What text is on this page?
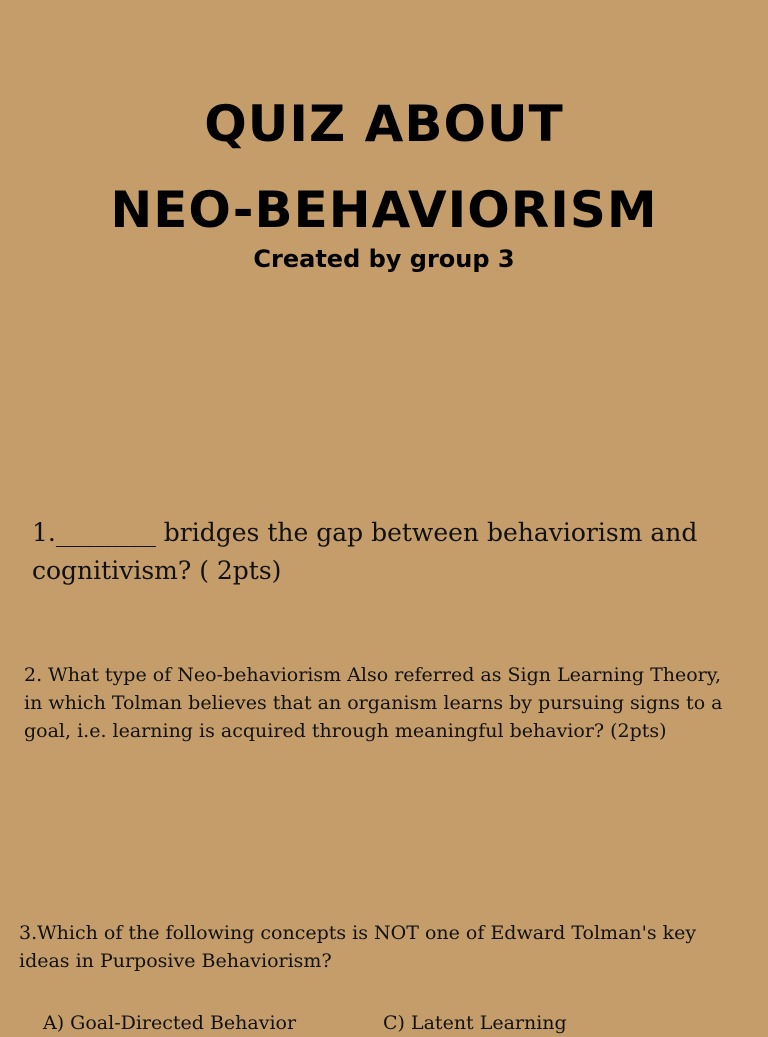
QUIZ ABOUT
NEO-BEHAVIORISM
Created by group 3
1.________ bridges the gap between behaviorism and cognitivism? ( 2pts)
2. What type of Neo-behaviorism Also referred as Sign Learning Theory, in which Tolman believes that an organism learns by pursuing signs to a goal, i.e. learning is acquired through meaningful behavior? (2pts)
3.Which of the following concepts is NOT one of Edward Tolman's key ideas in Purposive Behaviorism?
A) Goal-Directed Behavior	C) Latent Learning
